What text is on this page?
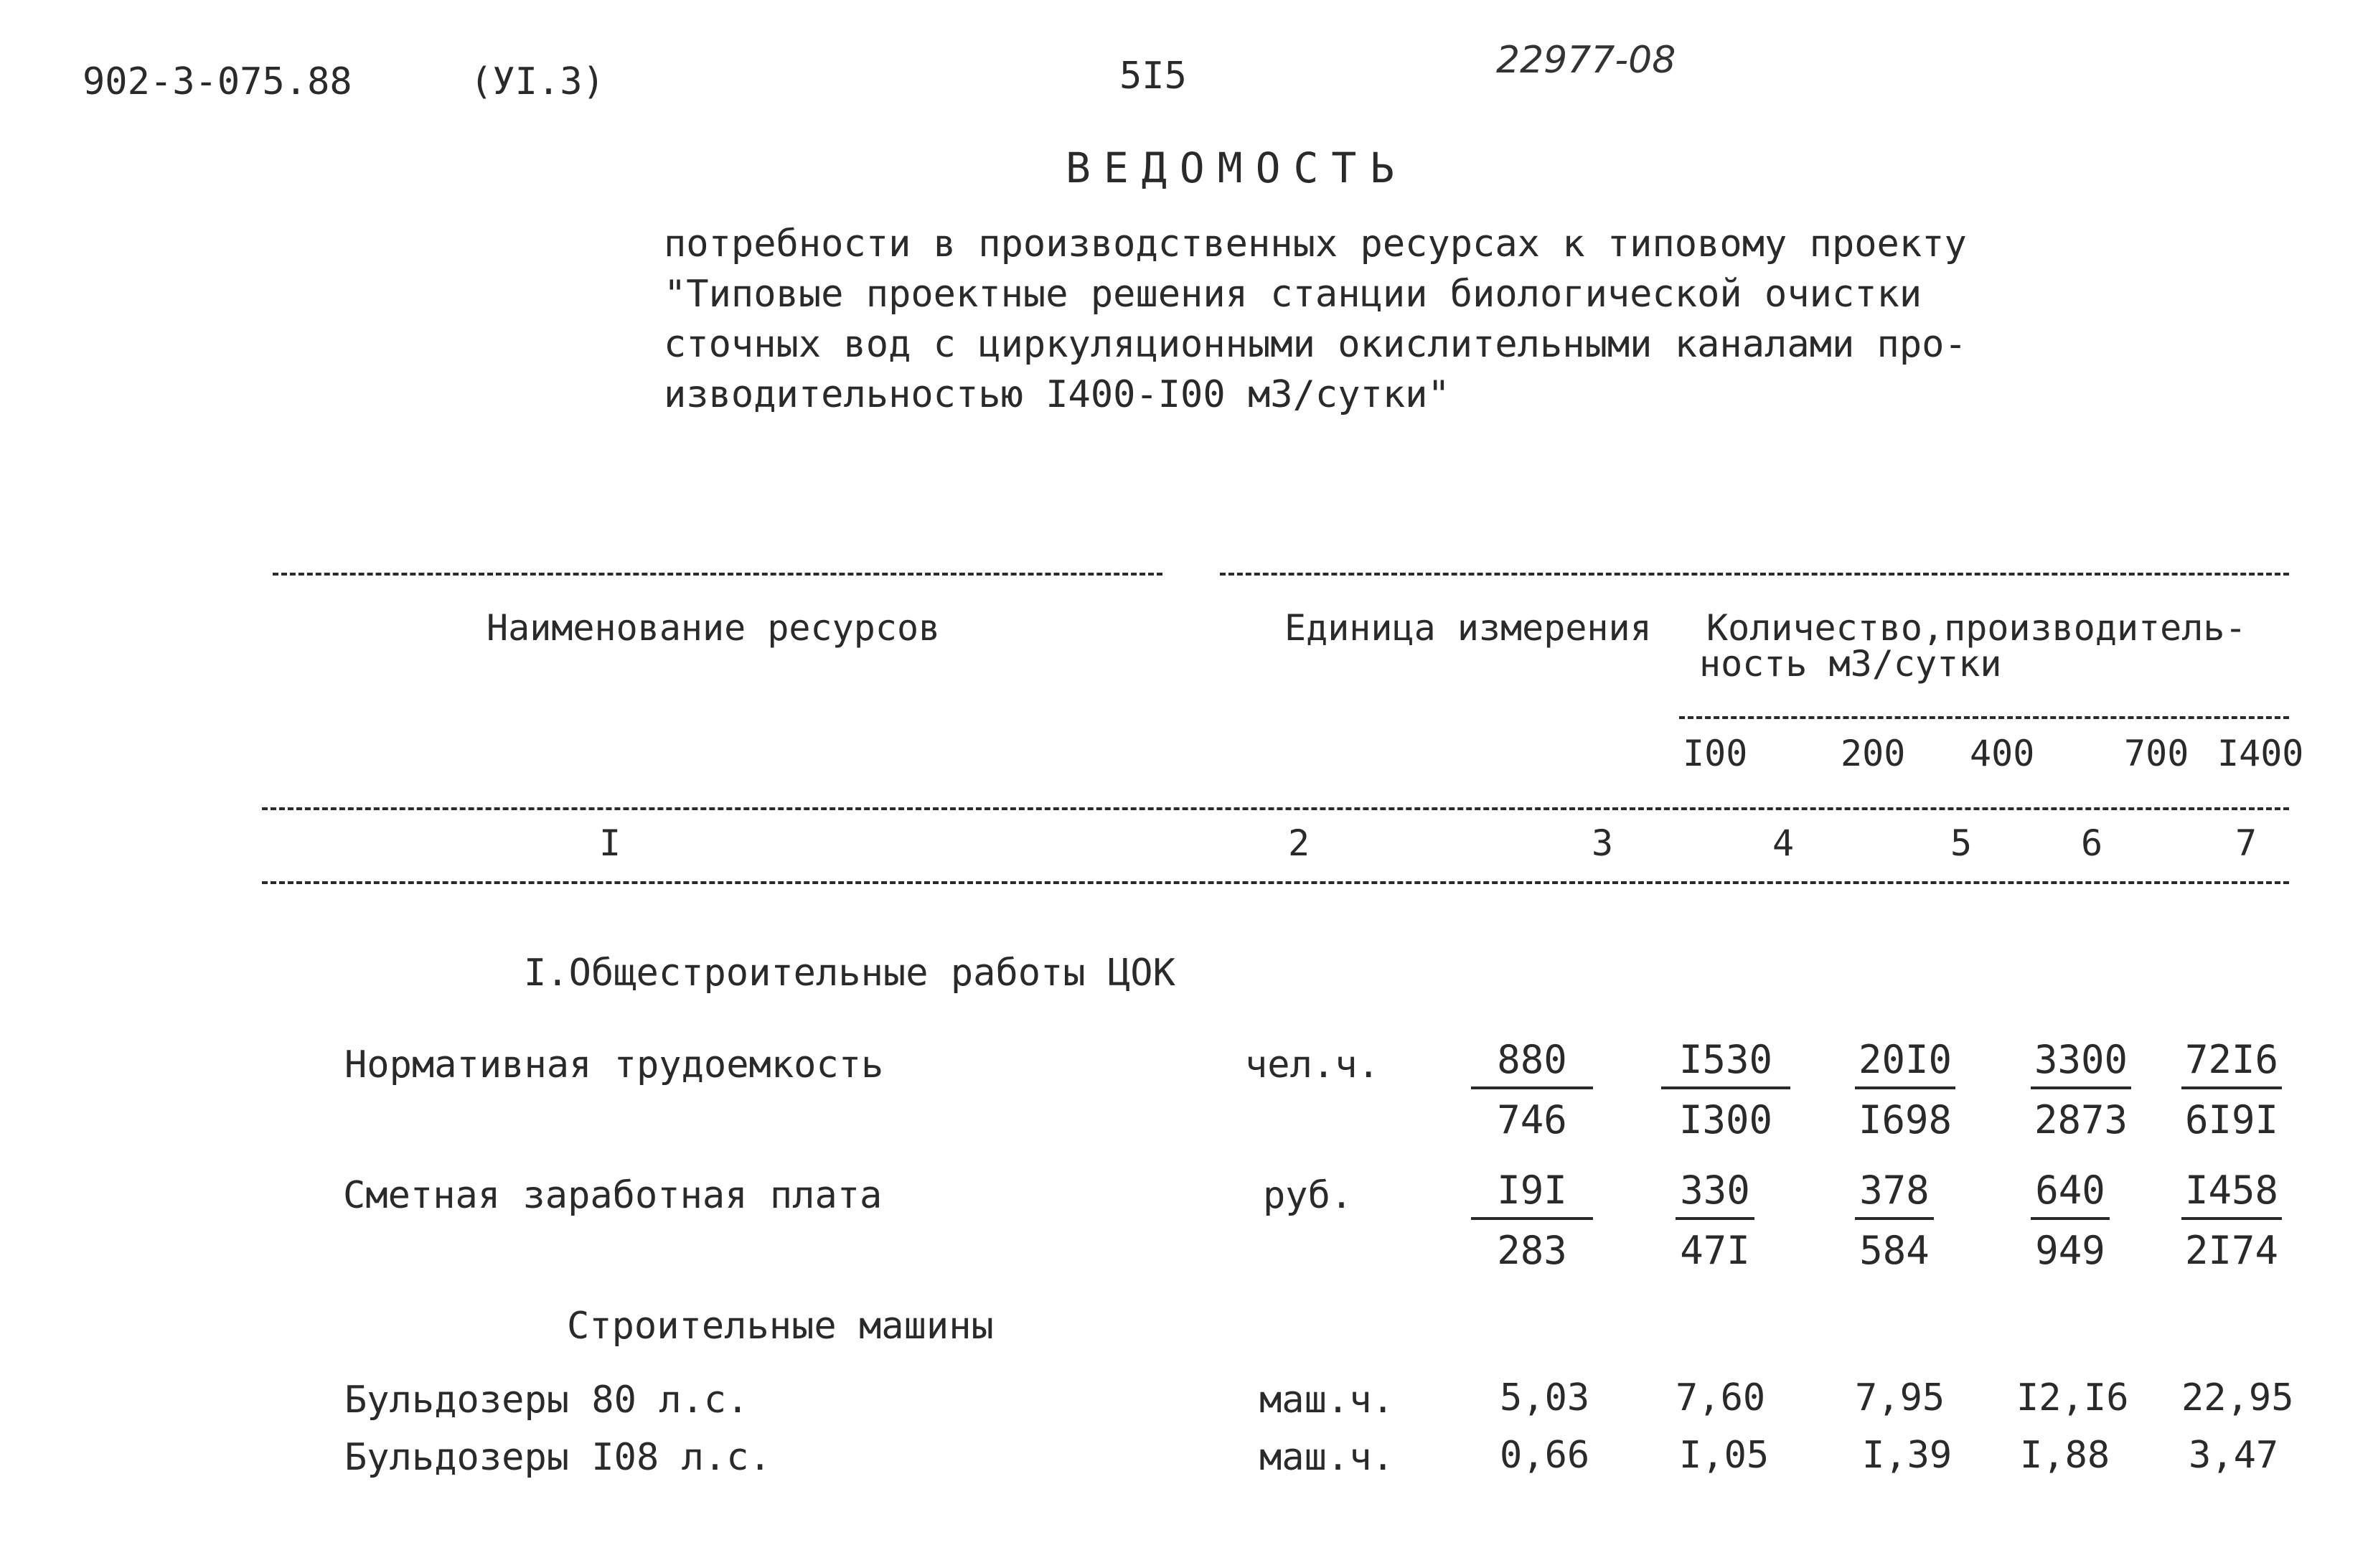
902-3-075.88	(УI.3)	5I5	22977-08
ВЕДОМОСТЬ
потребности в производственных ресурсах к типовому проекту
"Типовые проектные решения станции биологической очистки
сточных вод с циркуляционными окислительными каналами про-
изводительностью I400-I00 м3/сутки"
Наименование ресурсов	Единица измерения Количество,производитель-
ность м3/сутки
I00	200 400 700 I400
I	2	3	4	5	6	7
I.Общестроительные работы ЦОК
Нормативная трудоемкость	чел.ч. $\frac{880}{746} \frac{I530}{I300} \frac{20I0}{I698} \frac{3300}{2873} \frac{72I6}{6I9I}$
Сметная заработная плата	руб.	$\frac{I9I}{283} \frac{330}{47I}$	$\frac{378}{584}$	$\frac{640}{949} \frac{I458}{2I74}$
Строительные машины
Бульдозеры 80 л.с.	маш.ч.	5,03 7,60 7,95 I2,I6 22,95
Бульдозеры I08 л.с.	маш.ч.	0,66 I,05 I,39 I,88 3,47
